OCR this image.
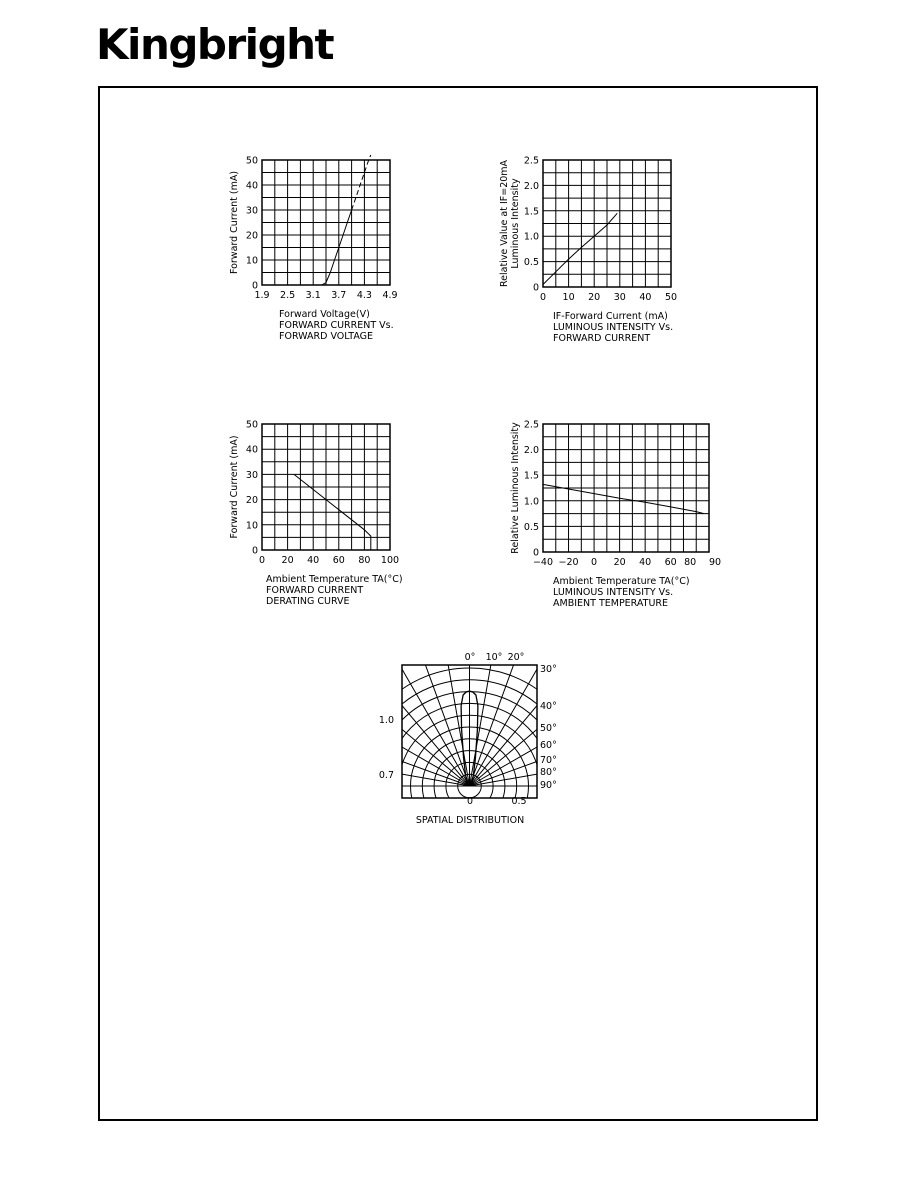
Kingbright
0
10
20
30
40
50
1.9 2.5 3.1 3.7 4.3 4.9
Forward Current (mA)
Forward Voltage(V)
FORWARD CURRENT Vs.
FORWARD VOLTAGE
0
0.5
1.0
1.5
2.0
2.5
0 10 20 30 40 50
Luminous Intensity
Relative Value at IF=20mA
IF-Forward Current (mA)
LUMINOUS INTENSITY Vs.
FORWARD CURRENT
0
10
20
30
40
50
0 20 40 60 80 100
Forward Current (mA)
Ambient Temperature TA(°C)
FORWARD CURRENT
DERATING CURVE
0
0.5
1.0
1.5
2.0
2.5
−40 −20 0 20 40 60 80 90
Relative Luminous Intensity
Ambient Temperature TA(°C)
LUMINOUS INTENSITY Vs.
AMBIENT TEMPERATURE
0° 10° 20°
30°
40°
50°
60°
70°
80°
90°
1.0
0.7
0	0.5
SPATIAL DISTRIBUTION
